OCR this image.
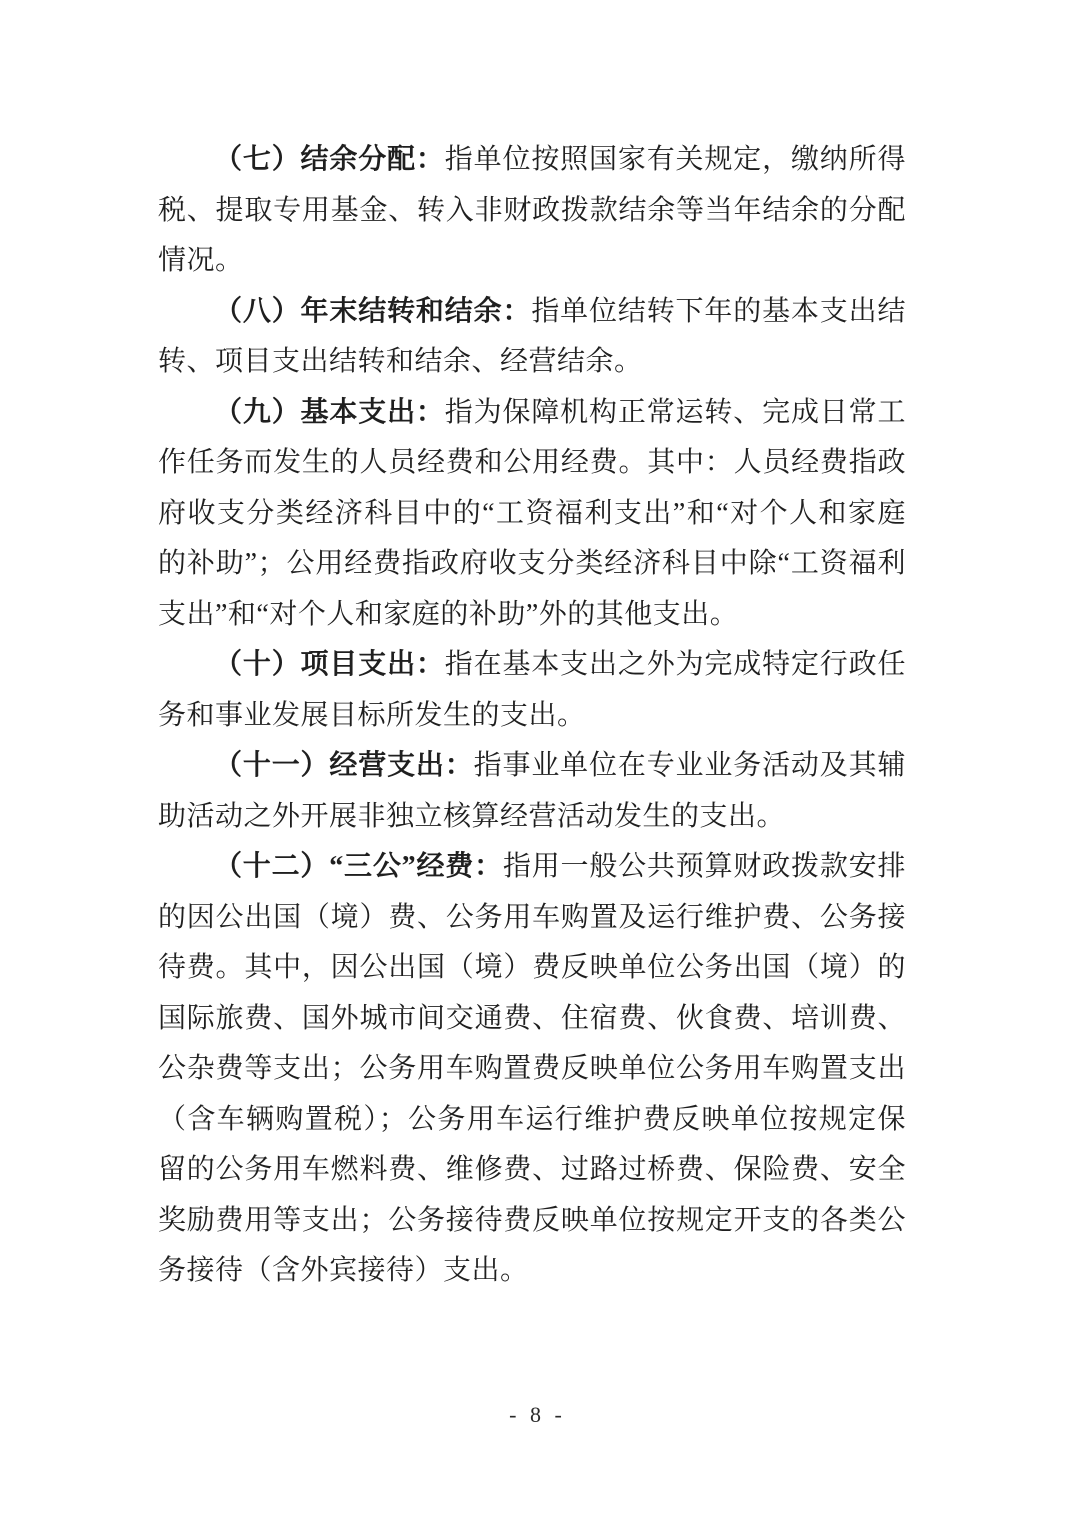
（七）结余分配：指单位按照国家有关规定，缴纳所得税、提取专用基金、转入非财政拨款结余等当年结余的分配情况。

（八）年末结转和结余：指单位结转下年的基本支出结转、项目支出结转和结余、经营结余。

（九）基本支出：指为保障机构正常运转、完成日常工作任务而发生的人员经费和公用经费。其中：人员经费指政府收支分类经济科目中的“工资福利支出”和“对个人和家庭的补助”；公用经费指政府收支分类经济科目中除“工资福利支出”和“对个人和家庭的补助”外的其他支出。

（十）项目支出：指在基本支出之外为完成特定行政任务和事业发展目标所发生的支出。

（十一）经营支出：指事业单位在专业业务活动及其辅助活动之外开展非独立核算经营活动发生的支出。

（十二）“三公”经费：指用一般公共预算财政拨款安排的因公出国（境）费、公务用车购置及运行维护费、公务接待费。其中，因公出国（境）费反映单位公务出国（境）的国际旅费、国外城市间交通费、住宿费、伙食费、培训费、公杂费等支出；公务用车购置费反映单位公务用车购置支出（含车辆购置税）；公务用车运行维护费反映单位按规定保留的公务用车燃料费、维修费、过路过桥费、保险费、安全奖励费用等支出；公务接待费反映单位按规定开支的各类公务接待（含外宾接待）支出。

- 8 -
